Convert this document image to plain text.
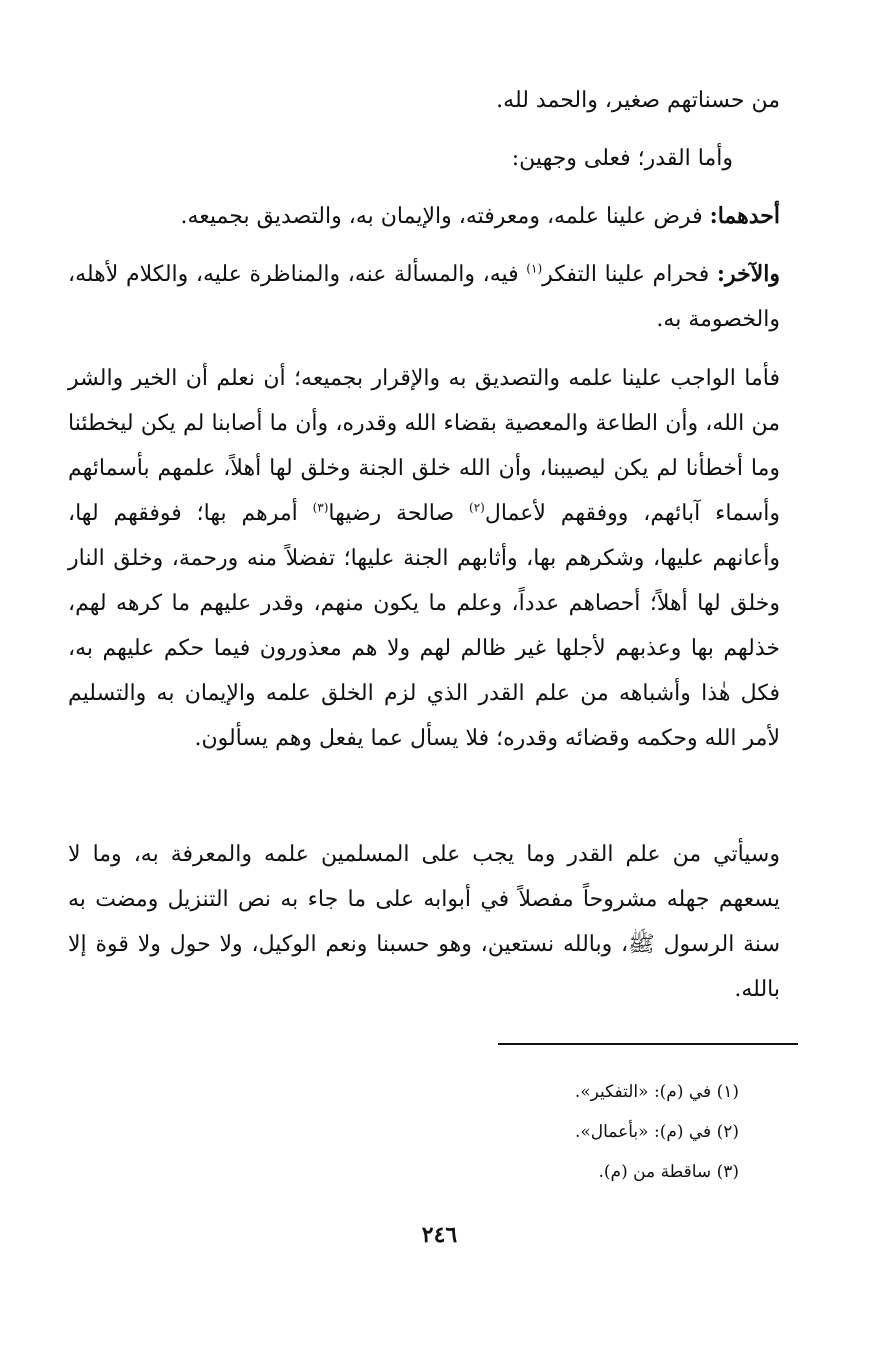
من حسناتهم صغير، والحمد لله.

وأما القدر؛ فعلى وجهين:

أحدهما: فرض علينا علمه، ومعرفته، والإيمان به، والتصديق بجميعه.

والآخر: فحرام علينا التفكر$^{(١)}$ فيه، والمسألة عنه، والمناظرة عليه، والكلام لأهله، والخصومة به.

فأما الواجب علينا علمه والتصديق به والإقرار بجميعه؛ أن نعلم أن الخير والشر من الله، وأن الطاعة والمعصية بقضاء الله وقدره، وأن ما أصابنا لم يكن ليخطئنا وما أخطأنا لم يكن ليصيبنا، وأن الله خلق الجنة وخلق لها أهلاً، علمهم بأسمائهم وأسماء آبائهم، ووفقهم لأعمال$^{(٢)}$ صالحة رضيها$^{(٣)}$ أمرهم بها؛ فوفقهم لها، وأعانهم عليها، وشكرهم بها، وأثابهم الجنة عليها؛ تفضلاً منه ورحمة، وخلق النار وخلق لها أهلاً؛ أحصاهم عدداً، وعلم ما يكون منهم، وقدر عليهم ما كرهه لهم، خذلهم بها وعذبهم لأجلها غير ظالم لهم ولا هم معذورون فيما حكم عليهم به، فكل هٰذا وأشباهه من علم القدر الذي لزم الخلق علمه والإيمان به والتسليم لأمر الله وحكمه وقضائه وقدره؛ فلا يسأل عما يفعل وهم يسألون.

وسيأتي من علم القدر وما يجب على المسلمين علمه والمعرفة به، وما لا يسعهم جهله مشروحاً مفصلاً في أبوابه على ما جاء به نص التنزيل ومضت به سنة الرسول ﷺ، وبالله نستعين، وهو حسبنا ونعم الوكيل، ولا حول ولا قوة إلا بالله.

(١) في (م): «التفكير».
(٢) في (م): «بأعمال».
(٣) ساقطة من (م).
٢٤٦
